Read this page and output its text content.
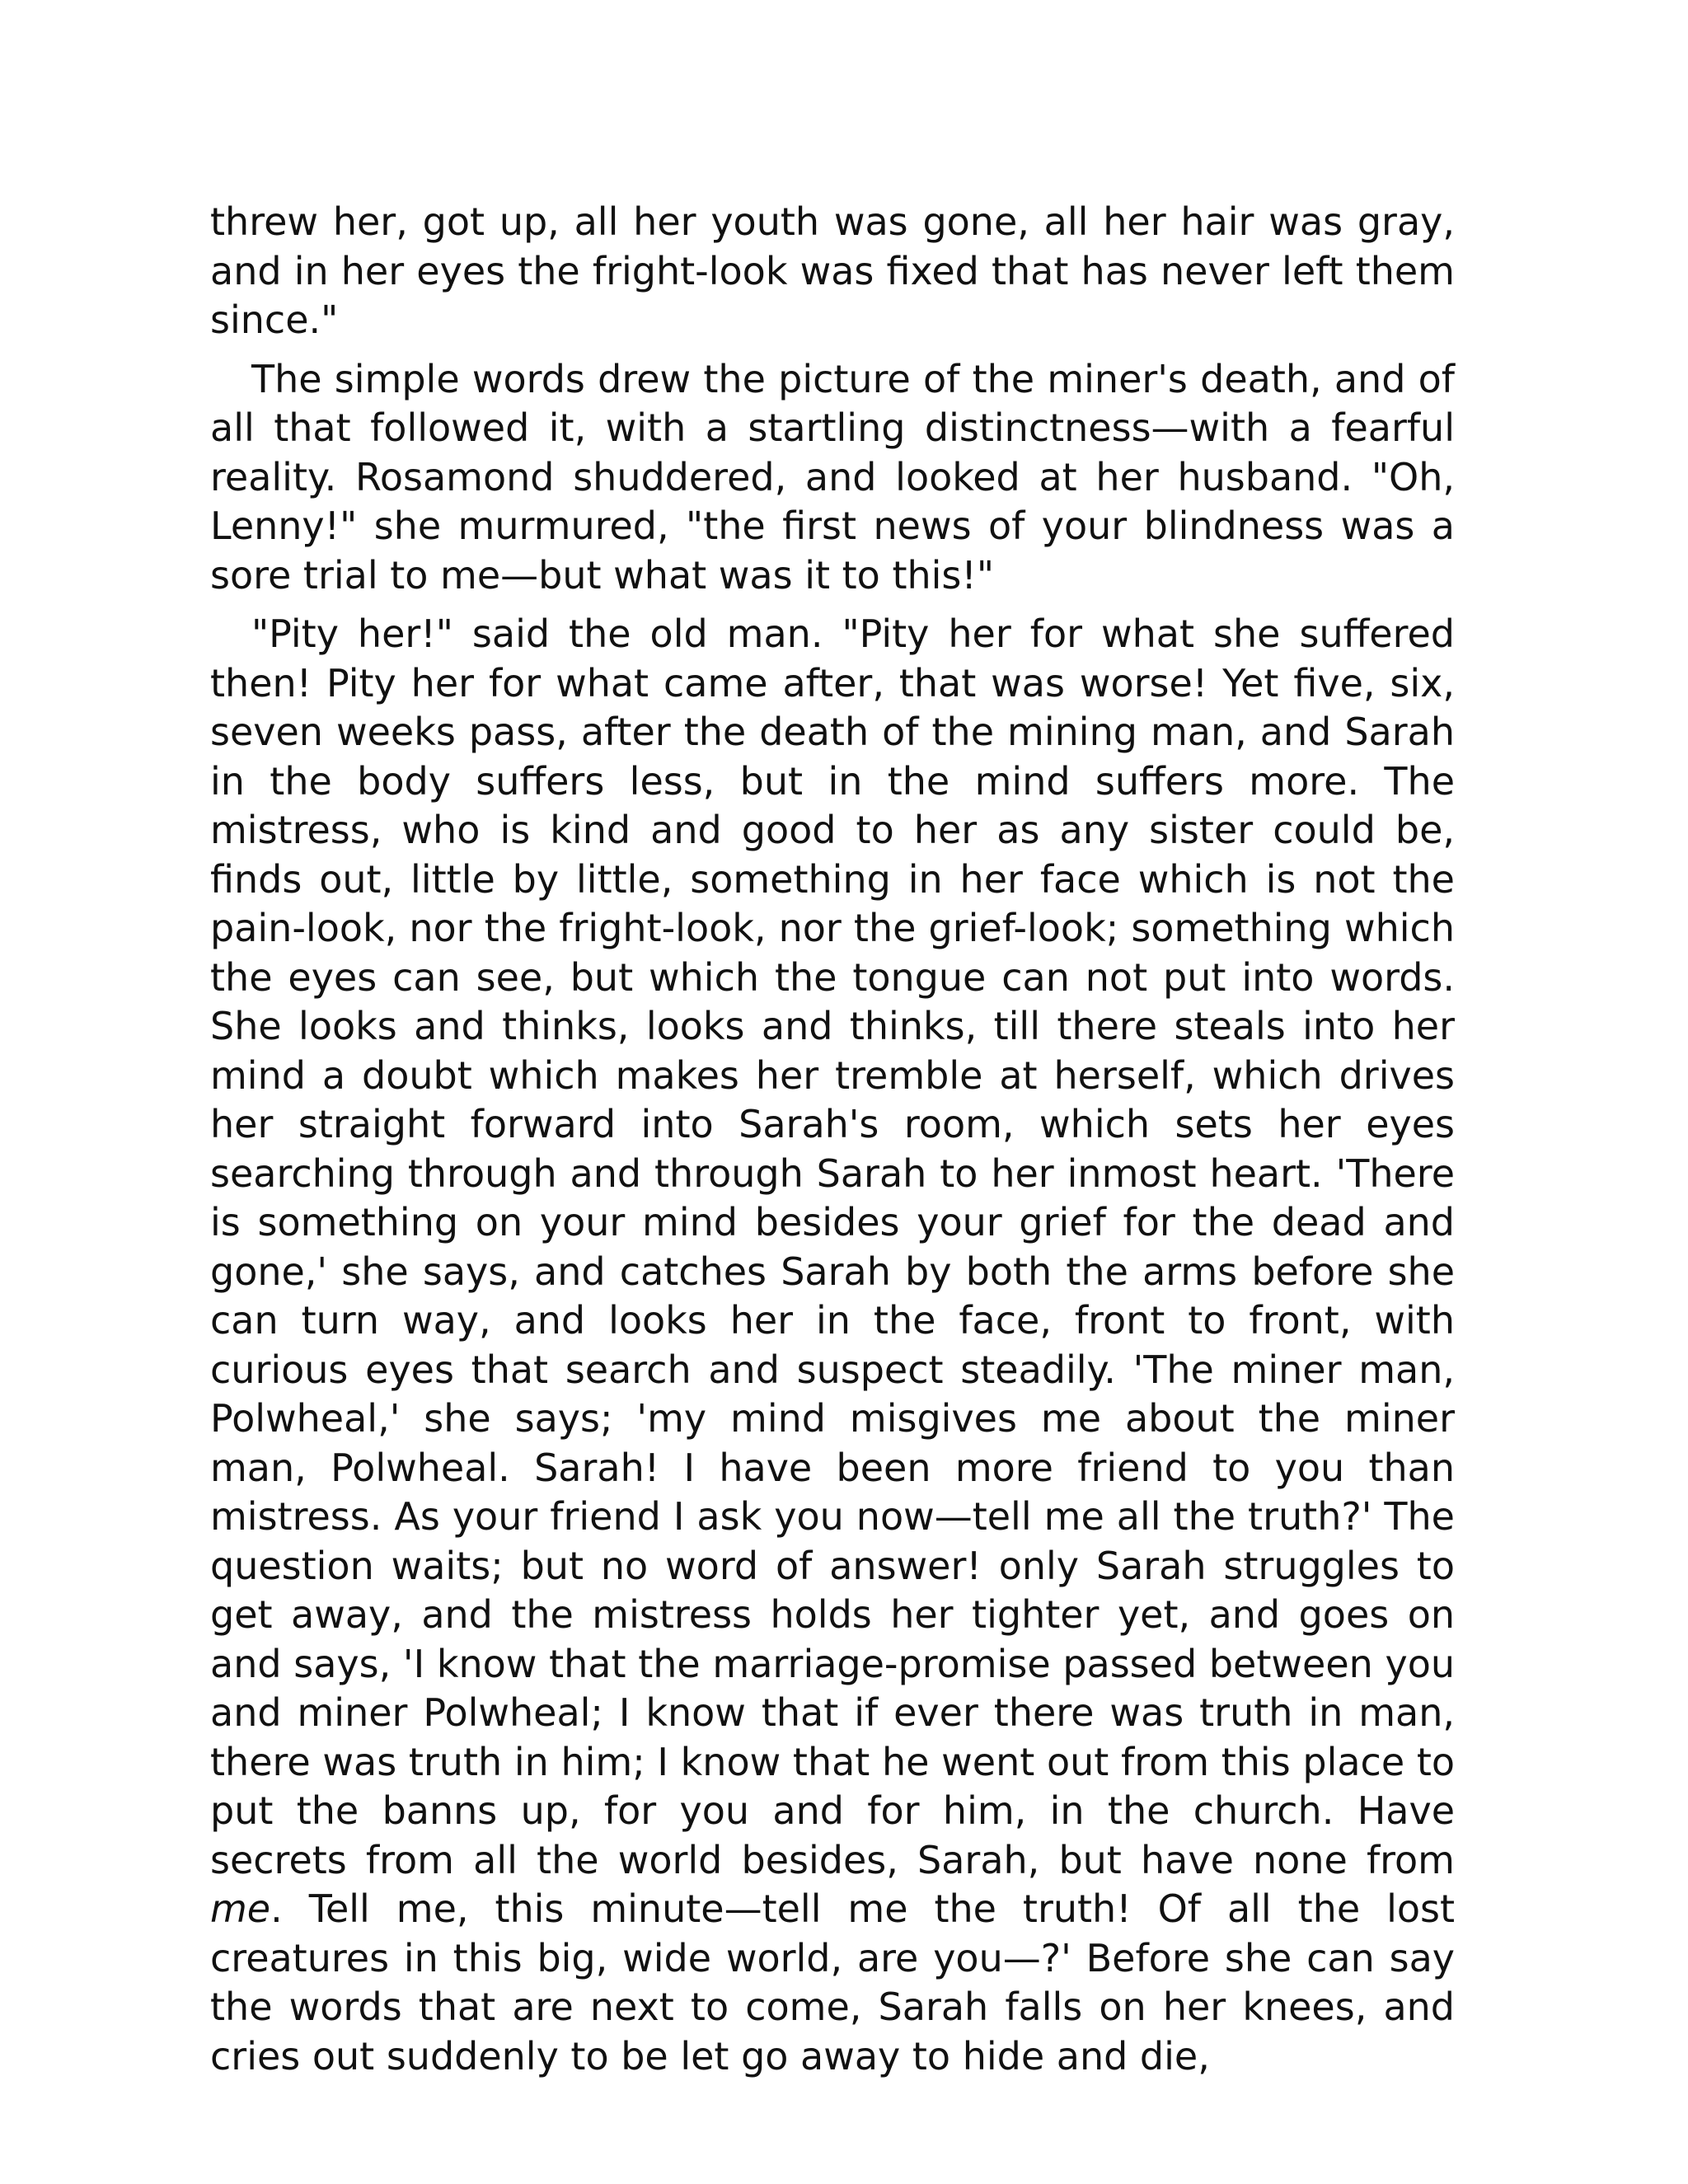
threw her, got up, all her youth was gone, all her hair was gray, and in her eyes the fright-look was fixed that has never left them since."

The simple words drew the picture of the miner's death, and of all that followed it, with a startling distinctness—with a fearful reality. Rosamond shuddered, and looked at her husband. "Oh, Lenny!" she murmured, "the first news of your blindness was a sore trial to me—but what was it to this!"

"Pity her!" said the old man. "Pity her for what she suffered then! Pity her for what came after, that was worse! Yet five, six, seven weeks pass, after the death of the mining man, and Sarah in the body suffers less, but in the mind suffers more. The mistress, who is kind and good to her as any sister could be, finds out, little by little, something in her face which is not the pain-look, nor the fright-look, nor the grief-look; something which the eyes can see, but which the tongue can not put into words. She looks and thinks, looks and thinks, till there steals into her mind a doubt which makes her tremble at herself, which drives her straight forward into Sarah's room, which sets her eyes searching through and through Sarah to her inmost heart. 'There is something on your mind besides your grief for the dead and gone,' she says, and catches Sarah by both the arms before she can turn way, and looks her in the face, front to front, with curious eyes that search and suspect steadily. 'The miner man, Polwheal,' she says; 'my mind misgives me about the miner man, Polwheal. Sarah! I have been more friend to you than mistress. As your friend I ask you now—tell me all the truth?' The question waits; but no word of answer! only Sarah struggles to get away, and the mistress holds her tighter yet, and goes on and says, 'I know that the marriage-promise passed between you and miner Polwheal; I know that if ever there was truth in man, there was truth in him; I know that he went out from this place to put the banns up, for you and for him, in the church. Have secrets from all the world besides, Sarah, but have none from me. Tell me, this minute—tell me the truth! Of all the lost creatures in this big, wide world, are you—?' Before she can say the words that are next to come, Sarah falls on her knees, and cries out suddenly to be let go away to hide and die,
